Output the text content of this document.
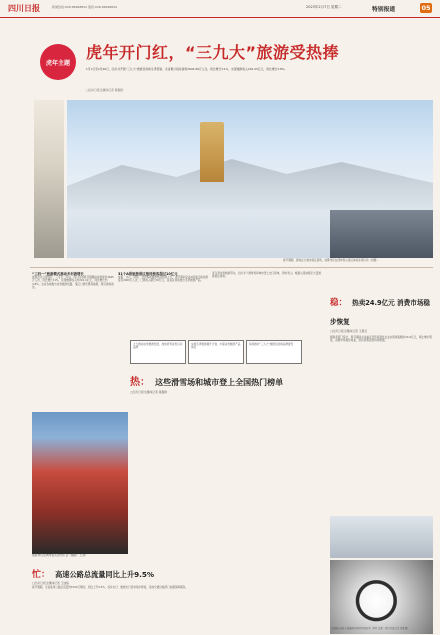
四川日报	新闻热线:028-86968652 值班:028-86968000	2023年2月7日 星期二	特别报道	05
虎年主题
虎年开门红，“三九大”旅游受热捧
1月1日至2月26日，四川共开展“三九大”旅游目的地冬季营销，全省累计接待游客3645.96万人次，同比增长3.1%，实现旅游收入242.43亿元，同比增长3.8%。
□四川日报全媒体记者 蒋振绮
春节假期，游客在九寨沟景区游览。成都市民在西岭雪山景区体验冰雪运动（拼图）
“三四一”旅游模式推动乡村游增长
按照四川日报统计，三月至二月底，四川全省春节假期接待游客约3645万人次，同比增长11%，实现旅游收入约242.4亿元，同比增长约3.8%。全省各地推出冰雪旅游线路、景区门票优惠等措施，吸引游客前往。
31个A级旅游景区接待游客超过10亿元
成都、乐山、阿坝、甘孜等地旅游热度持续上升，春节期间全省A级景区接待游客近2000万人次，门票收入超过10亿元，各景区持续推出冬季旅游产品。
受冬季冰雪旅游带动，四川多个滑雪场和城市登上热门榜单，西岭雪山、峨眉山等地吸引大量游客前往体验。
大力推动冰雪旅游发展，加快培育冰雪运动品牌
实施冬季旅游提升计划，丰富冰雪旅游产品供给
持续推动“三九大”旅游目的地品牌建设
热： 这些滑雪场和城市登上全国热门榜单
□四川日报全媒体记者 蒋振绮
成都市民在城市街头欣赏灯会（摄影：王欣）
稳： 热卖24.9亿元 消费市场稳步恢复
□四川日报全媒体记者 王眉灵
据商务部门统计，春节期间全省重点零售和餐饮企业实现销售额约24.9亿元，同比增长明显，消费市场稳步恢复，居民消费意愿持续增强。
大熊猫在成都大熊猫繁育研究基地吃雪（图片来源：四川日报记者 唐新摄）
忙： 高速公路总流量同比上升9.5%
□四川日报全媒体记者 王成栋
春节假期，全省高速公路总流量约1500万辆次，同比上升9.5%，返乡出行、旅游出行需求集中释放，各地交通运输部门加强保障服务。
